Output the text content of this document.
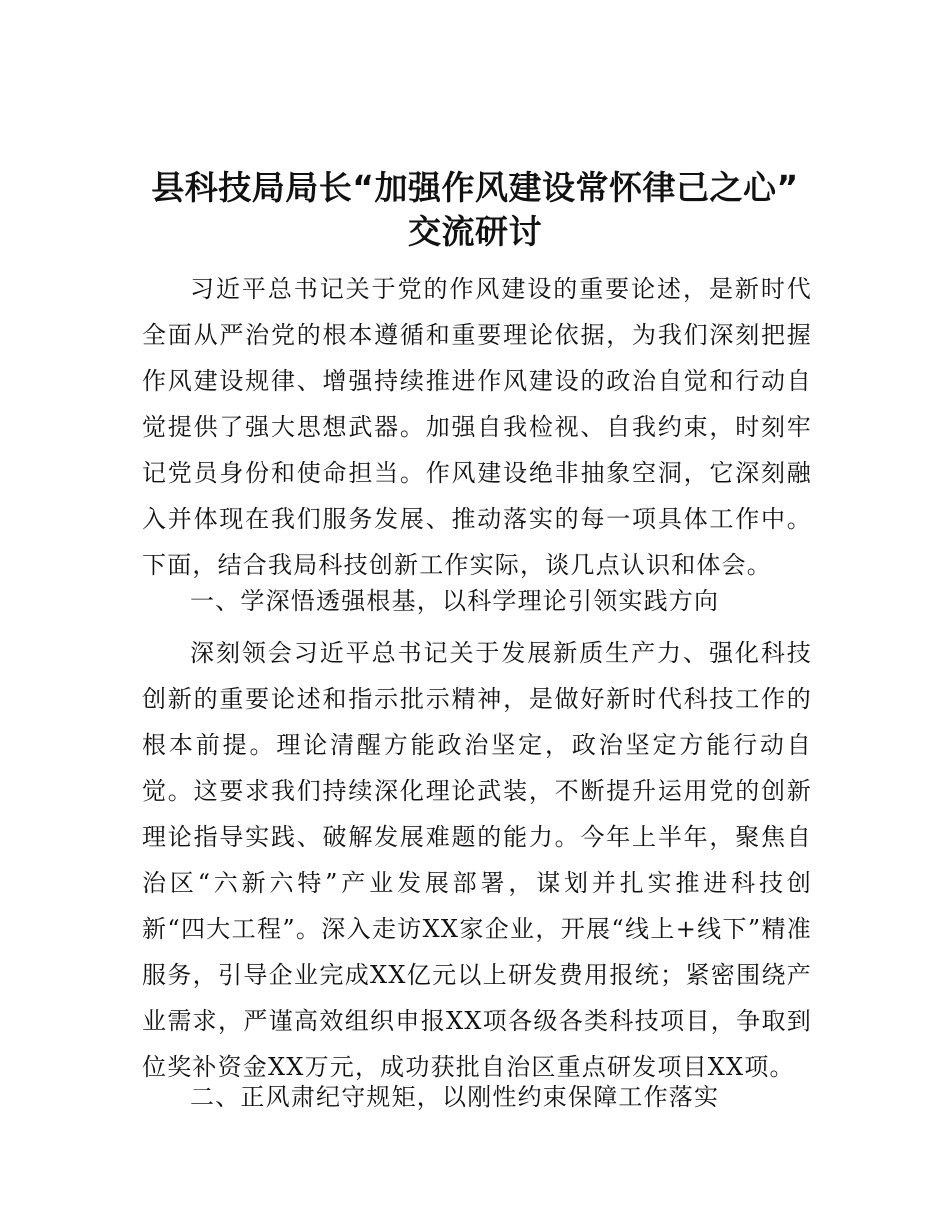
县科技局局长“加强作风建设常怀律己之心”
交流研讨

习近平总书记关于党的作风建设的重要论述，是新时代全面从严治党的根本遵循和重要理论依据，为我们深刻把握作风建设规律、增强持续推进作风建设的政治自觉和行动自觉提供了强大思想武器。加强自我检视、自我约束，时刻牢记党员身份和使命担当。作风建设绝非抽象空洞，它深刻融入并体现在我们服务发展、推动落实的每一项具体工作中。下面，结合我局科技创新工作实际，谈几点认识和体会。

一、学深悟透强根基，以科学理论引领实践方向

深刻领会习近平总书记关于发展新质生产力、强化科技创新的重要论述和指示批示精神，是做好新时代科技工作的根本前提。理论清醒方能政治坚定，政治坚定方能行动自觉。这要求我们持续深化理论武装，不断提升运用党的创新理论指导实践、破解发展难题的能力。今年上半年，聚焦自治区“六新六特”产业发展部署，谋划并扎实推进科技创新“四大工程”。深入走访XX家企业，开展“线上+线下”精准服务，引导企业完成XX亿元以上研发费用报统；紧密围绕产业需求，严谨高效组织申报XX项各级各类科技项目，争取到位奖补资金XX万元，成功获批自治区重点研发项目XX项。

二、正风肃纪守规矩，以刚性约束保障工作落实
